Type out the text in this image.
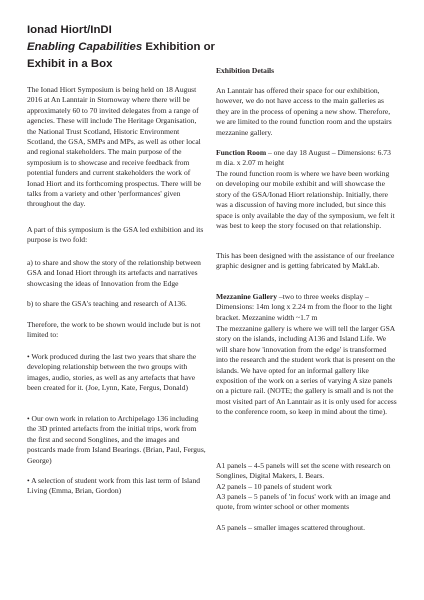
Ionad Hiort/InDI

Enabling Capabilities Exhibition or
Exhibit in a Box

The Ionad Hiort Symposium is being held on 18 August 2016 at An Lanntair in Stornoway where there will be approximately 60 to 70 invited delegates from a range of agencies. These will include The Heritage Organisation, the National Trust Scotland, Historic Environment Scotland, the GSA, SMPs and MPs, as well as other local and regional stakeholders. The main purpose of the symposium is to showcase and receive feedback from potential funders and current stakeholders the work of Ionad Hiort and its forthcoming prospectus. There will be talks from a variety and other 'performances' given throughout the day.

A part of this symposium is the GSA led exhibition and its purpose is two fold:

a) to share and show the story of the relationship between GSA and Ionad Hiort through its artefacts and narratives showcasing the ideas of Innovation from the Edge

b) to share the GSA's teaching and research of A136.

Therefore, the work to be shown would include but is not limited to:

• Work produced during the last two years that share the developing relationship between the two groups with images, audio, stories, as well as any artefacts that have been created for it. (Joe, Lynn, Kate, Fergus, Donald)

• Our own work in relation to Archipelago 136 including the 3D printed artefacts from the initial trips, work from the first and second Songlines, and the images and postcards made from Island Bearings. (Brian, Paul, Fergus, George)

• A selection of student work from this last term of Island Living (Emma, Brian, Gordon)

Exhibition Details

An Lanntair has offered their space for our exhibition, however, we do not have access to the main galleries as they are in the process of opening a new show. Therefore, we are limited to the round function room and the upstairs mezzanine gallery.

Function Room – one day 18 August – Dimensions: 6.73 m dia. x 2.07 m height

The round function room is where we have been working on developing our mobile exhibit and will showcase the story of the GSA/Ionad Hiort relationship. Initially, there was a discussion of having more included, but since this space is only available the day of the symposium, we felt it was best to keep the story focused on that relationship.

This has been designed with the assistance of our freelance graphic designer and is getting fabricated by MakLab.

Mezzanine Gallery –two to three weeks display – Dimensions: 14m long x 2.24 m from the floor to the light bracket. Mezzanine width ~1.7 m

The mezzanine gallery is where we will tell the larger GSA story on the islands, including A136 and Island Life. We will share how 'innovation from the edge' is transformed into the research and the student work that is present on the islands. We have opted for an informal gallery like exposition of the work on a series of varying A size panels on a picture rail. (NOTE; the gallery is small and is not the most visited part of An Lanntair as it is only used for access to the conference room, so keep in mind about the time).

A1 panels – 4-5 panels will set the scene with research on Songlines, Digital Makers, I. Bears.

A2 panels – 10 panels of student work

A3 panels – 5 panels of 'in focus' work with an image and quote, from winter school or other moments

A5 panels – smaller images scattered throughout.
